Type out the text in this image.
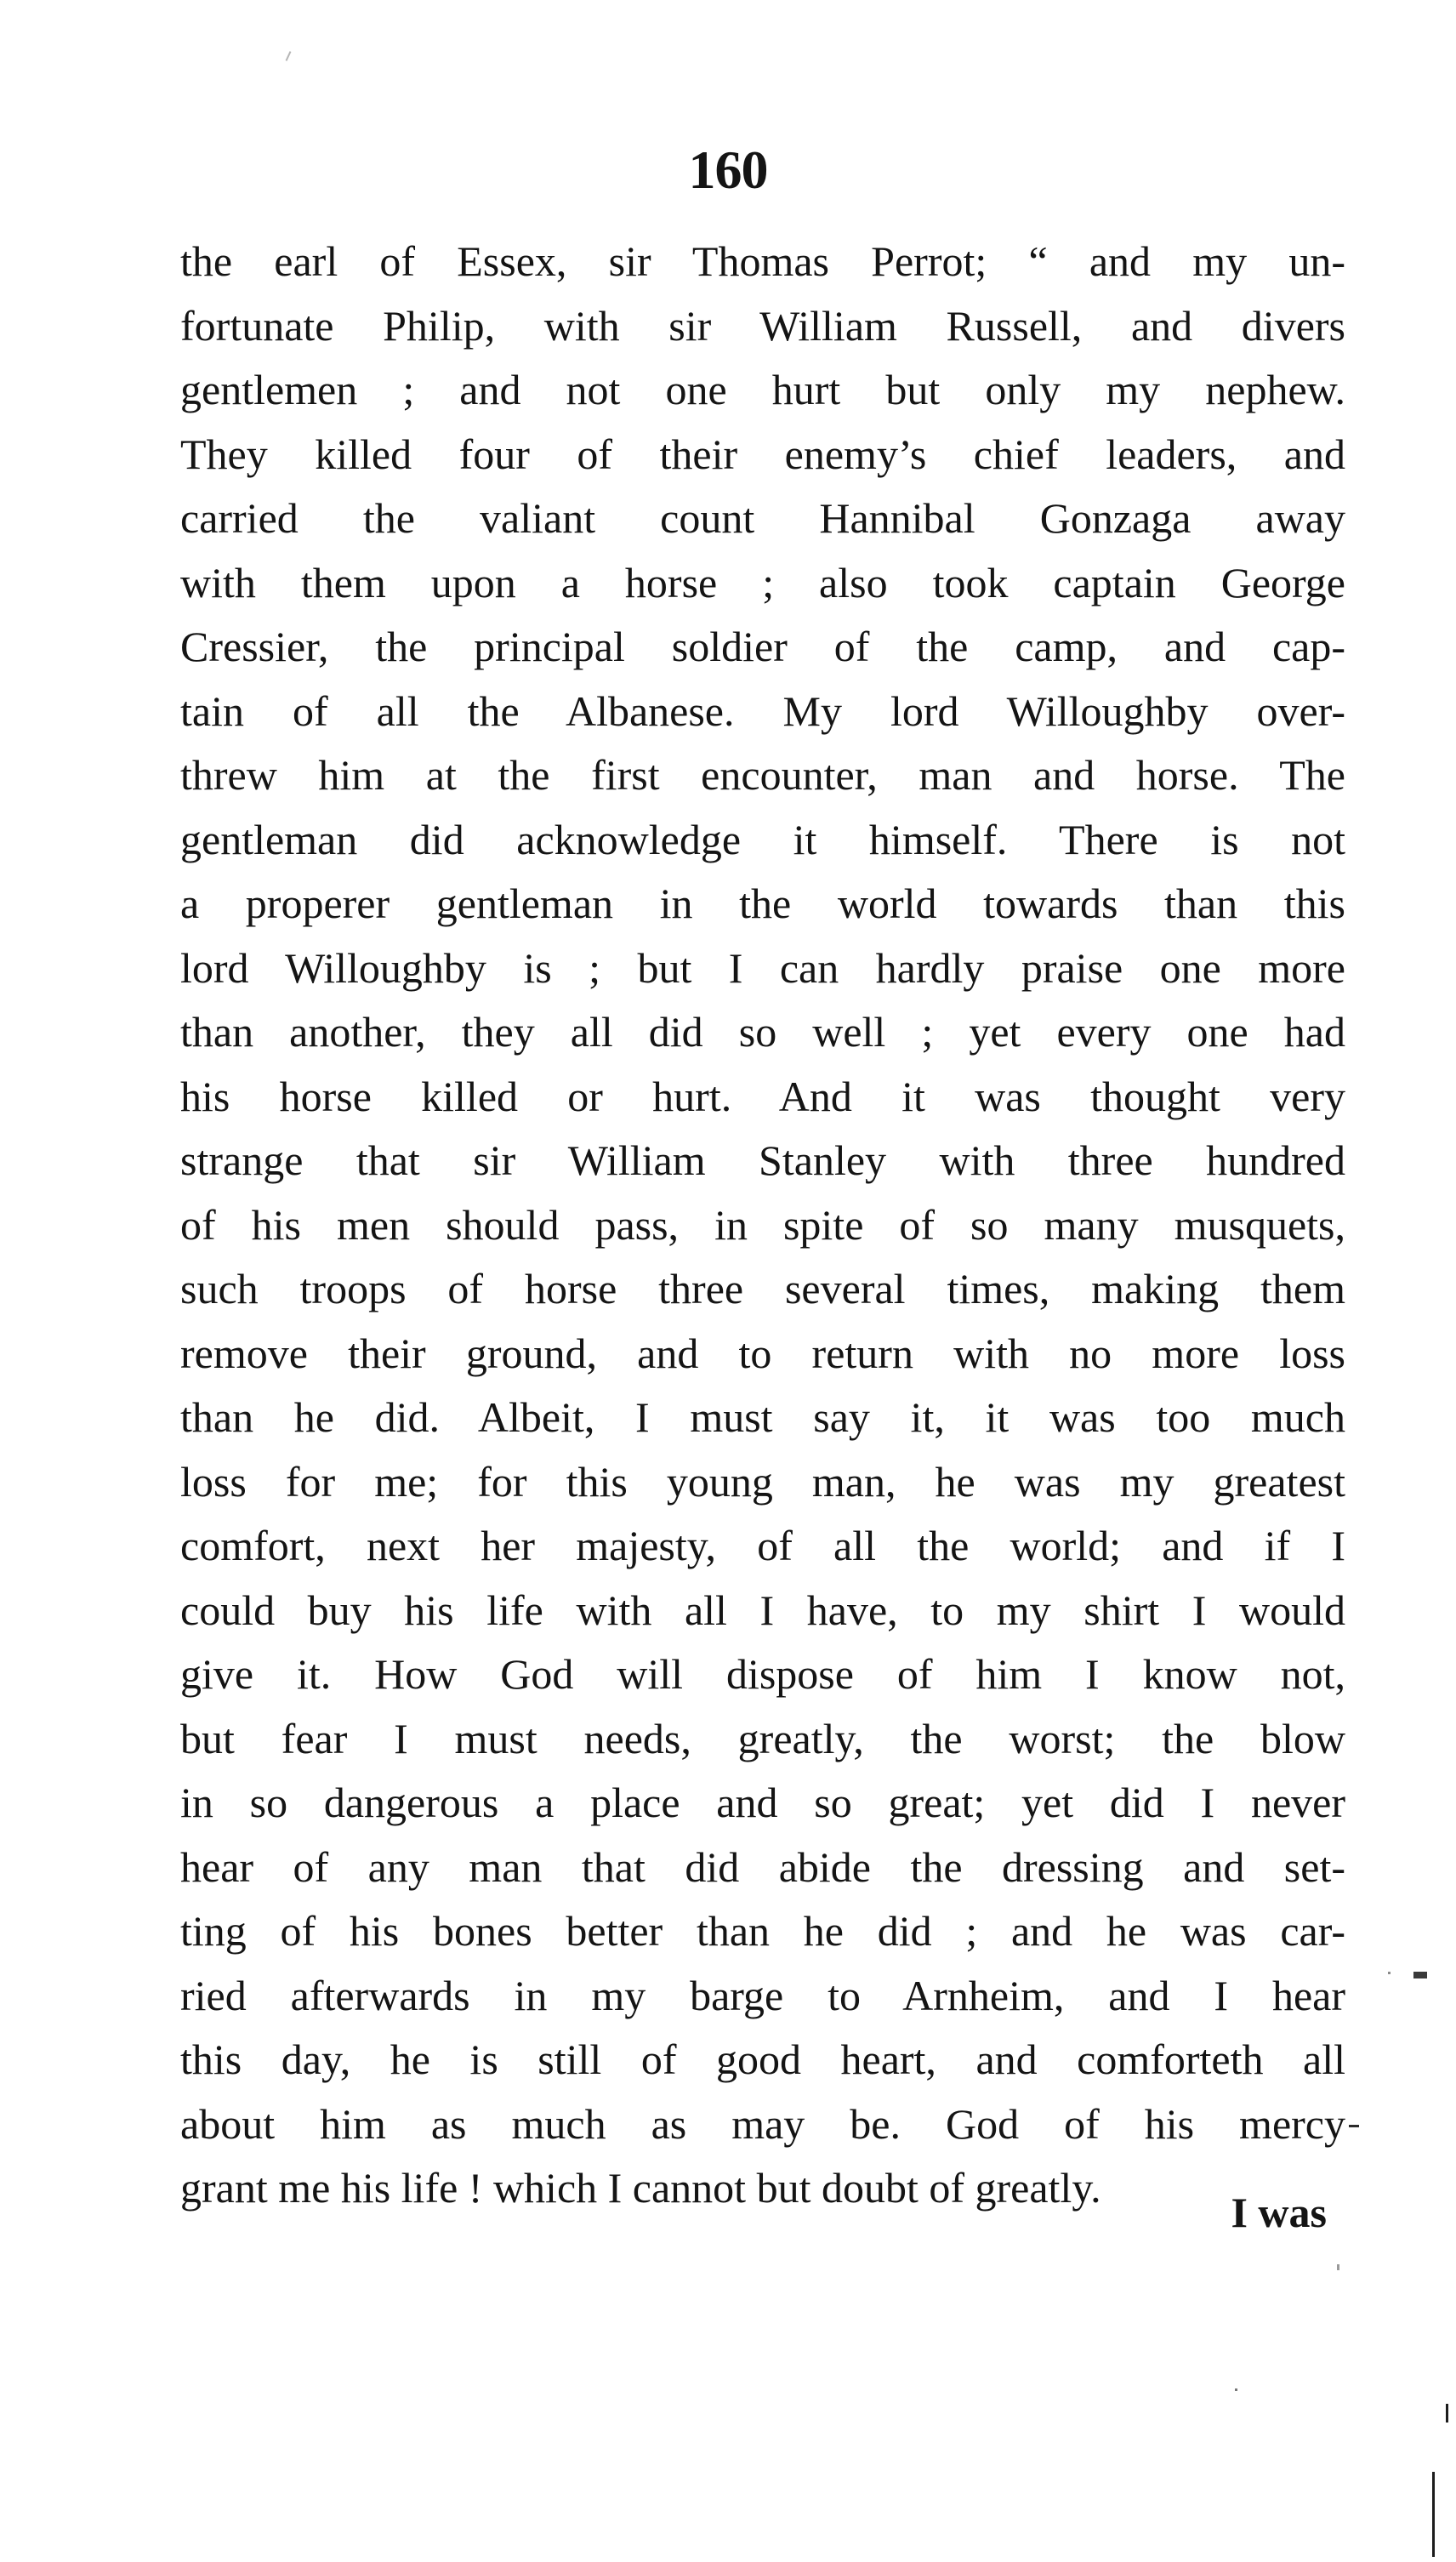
160
the earl of Essex, sir Thomas Perrot; “ and my un-
fortunate Philip, with sir William Russell, and divers
gentlemen ; and not one hurt but only my nephew.
They killed four of their enemy’s chief leaders, and
carried the valiant count Hannibal Gonzaga away
with them upon a horse ; also took captain George
Cressier, the principal soldier of the camp, and cap-
tain of all the Albanese. My lord Willoughby over-
threw him at the first encounter, man and horse. The
gentleman did acknowledge it himself. There is not
a properer gentleman in the world towards than this
lord Willoughby is ; but I can hardly praise one more
than another, they all did so well ; yet every one had
his horse killed or hurt. And it was thought very
strange that sir William Stanley with three hundred
of his men should pass, in spite of so many musquets,
such troops of horse three several times, making them
remove their ground, and to return with no more loss
than he did. Albeit, I must say it, it was too much
loss for me; for this young man, he was my greatest
comfort, next her majesty, of all the world; and if I
could buy his life with all I have, to my shirt I would
give it. How God will dispose of him I know not,
but fear I must needs, greatly, the worst; the blow
in so dangerous a place and so great; yet did I never
hear of any man that did abide the dressing and set-
ting of his bones better than he did ; and he was car-
ried afterwards in my barge to Arnheim, and I hear
this day, he is still of good heart, and comforteth all
about him as much as may be. God of his mercy
grant me his life ! which I cannot but doubt of greatly.
I was
